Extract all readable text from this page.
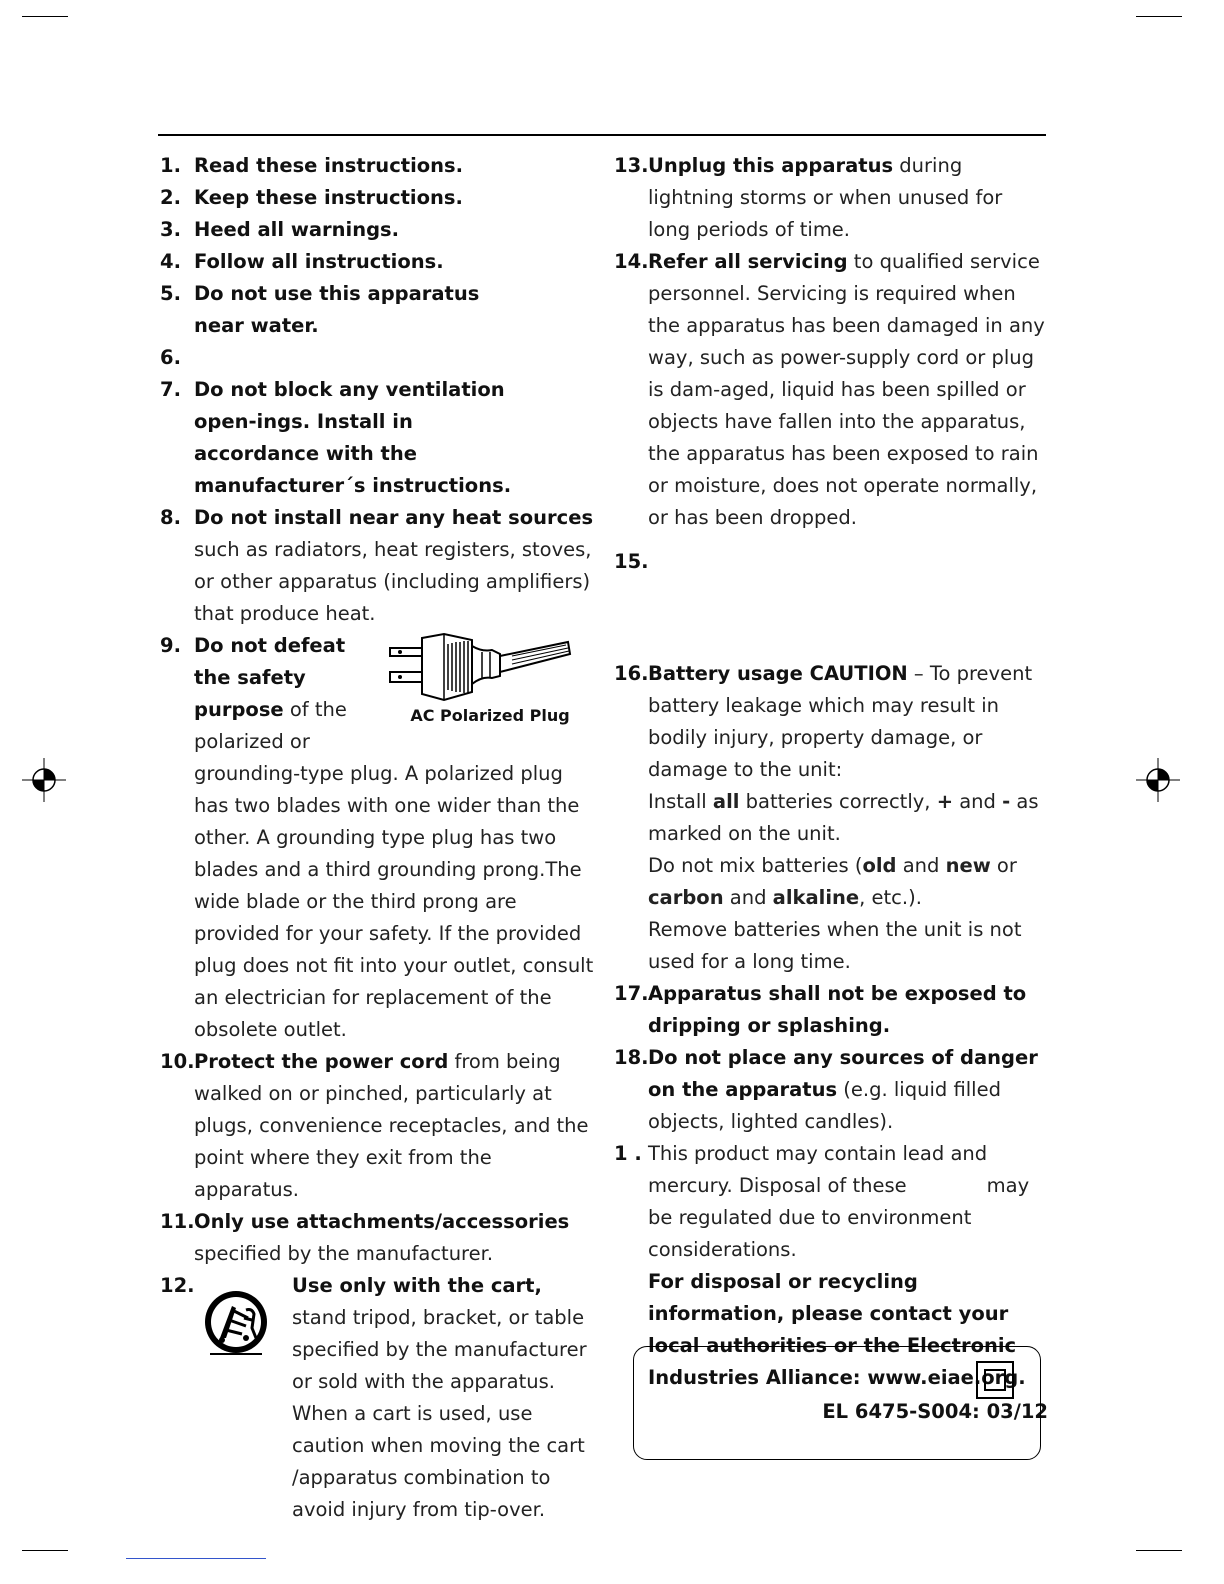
1. Read these instructions.
2. Keep these instructions.
3. Heed all warnings.
4. Follow all instructions.
5. Do not use this apparatus near water.
6.
7. Do not block any ventilation open-ings. Install in accordance with the manufacturer´s instructions.
8. Do not install near any heat sources such as radiators, heat registers, stoves, or other apparatus (including amplifiers) that produce heat.
9.
AC Polarized Plug
Do not defeat the safety purpose of the polarized or
grounding-type plug. A polarized plug has two blades with one wider than the other. A grounding type plug has two blades and a third grounding prong.The wide blade or the third prong are provided for your safety. If the provided plug does not fit into your outlet, consult an electrician for replacement of the obsolete outlet.
10. Protect the power cord from being walked on or pinched, particularly at plugs, convenience receptacles, and the point where they exit from the apparatus.
11. Only use attachments/accessories specified by the manufacturer.
12.	Use only with the cart, stand tripod, bracket, or table specified by the manufacturer or sold with the apparatus. When a cart is used, use caution when moving the cart /apparatus combination to avoid injury from tip-over.
13. Unplug this apparatus during lightning storms or when unused for long periods of time.
14. Refer all servicing to qualified service personnel. Servicing is required when the apparatus has been damaged in any way, such as power-supply cord or plug is dam-aged, liquid has been spilled or objects have fallen into the apparatus, the apparatus has been exposed to rain or moisture, does not operate normally, or has been dropped.
15.
16. Battery usage CAUTION – To prevent battery leakage which may result in bodily injury, property damage, or damage to the unit:
Install all batteries correctly, + and - as marked on the unit.
Do not mix batteries (old and new or carbon and alkaline, etc.).
Remove batteries when the unit is not used for a long time.
17. Apparatus shall not be exposed to dripping or splashing.
18. Do not place any sources of danger on the apparatus (e.g. liquid filled objects, lighted candles).
1 . This product may contain lead and mercury. Disposal of these	may be regulated due to environment considerations.
For disposal or recycling information, please contact your local authorities or the Electronic Industries Alliance: www.eiae.org.
EL 6475-S004: 03/12
